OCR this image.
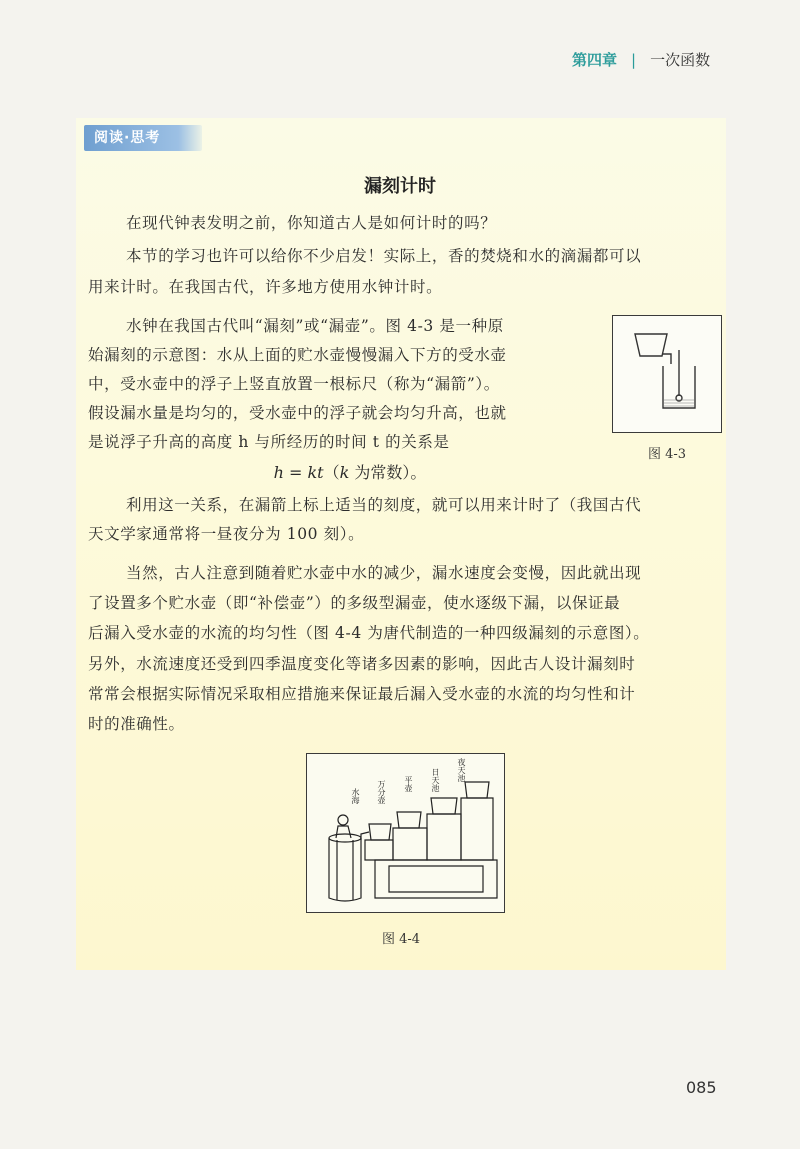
第四章 | 一次函数
阅读·思考
漏刻计时
在现代钟表发明之前，你知道古人是如何计时的吗？
本节的学习也许可以给你不少启发！实际上，香的焚烧和水的滴漏都可以
用来计时。在我国古代，许多地方使用水钟计时。
水钟在我国古代叫“漏刻”或“漏壶”。图 4-3 是一种原
始漏刻的示意图：水从上面的贮水壶慢慢漏入下方的受水壶
中，受水壶中的浮子上竖直放置一根标尺（称为“漏箭”）。
假设漏水量是均匀的，受水壶中的浮子就会均匀升高，也就
是说浮子升高的高度 h 与所经历的时间 t 的关系是
图 4-3
h = kt（k 为常数）。
利用这一关系，在漏箭上标上适当的刻度，就可以用来计时了（我国古代
天文学家通常将一昼夜分为 100 刻）。
当然，古人注意到随着贮水壶中水的减少，漏水速度会变慢，因此就出现
了设置多个贮水壶（即“补偿壶”）的多级型漏壶，使水逐级下漏，以保证最
后漏入受水壶的水流的均匀性（图 4-4 为唐代制造的一种四级漏刻的示意图）。
另外，水流速度还受到四季温度变化等诸多因素的影响，因此古人设计漏刻时
常常会根据实际情况采取相应措施来保证最后漏入受水壶的水流的均匀性和计
时的准确性。
水海 万分壶 平壶 日天池 夜天池
图 4-4
085
